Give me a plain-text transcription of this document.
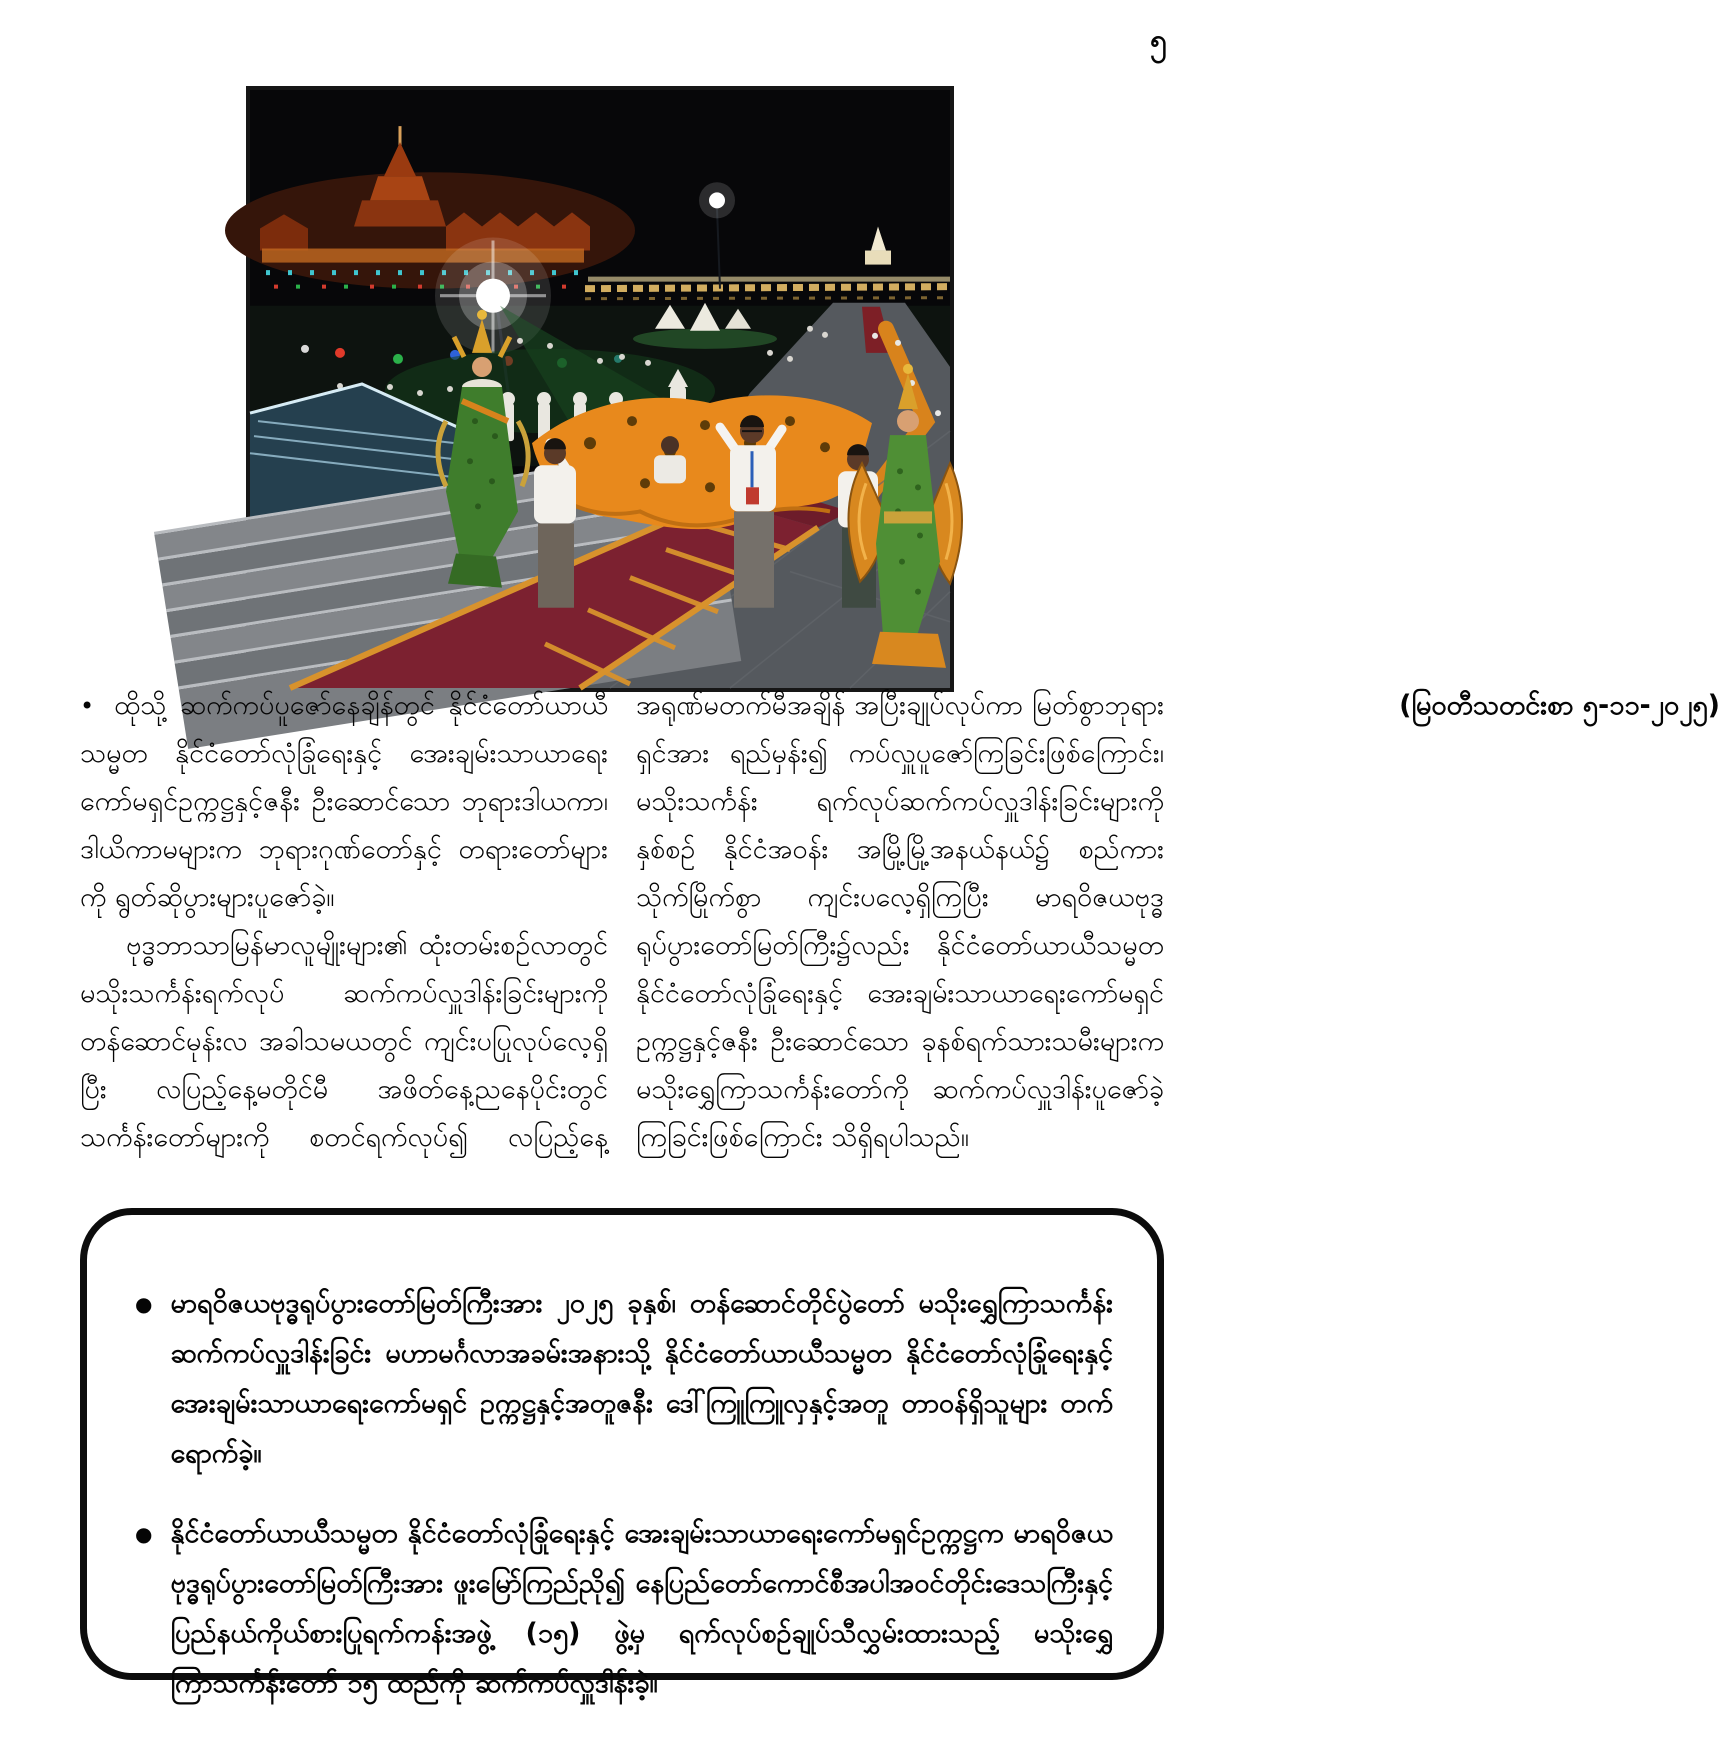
၅

• ထိုသို့ ဆက်ကပ်ပူဇော်နေချိန်တွင် နိုင်ငံတော်ယာယီသမ္မတ နိုင်ငံတော်လုံခြုံရေးနှင့် အေးချမ်းသာယာရေးကော်မရှင်ဥက္ကဋ္ဌနှင့်ဇနီး ဦးဆောင်သော ဘုရားဒါယကာ၊ ဒါယိကာမများက ဘုရားဂုဏ်တော်နှင့် တရားတော်များကို ရွတ်ဆိုပွားများပူဇော်ခဲ့။

ဗုဒ္ဓဘာသာမြန်မာလူမျိုးများ၏ ထုံးတမ်းစဉ်လာတွင် မသိုးသင်္ကန်းရက်လုပ် ဆက်ကပ်လှူဒါန်းခြင်းများကို တန်ဆောင်မုန်းလ အခါသမယတွင် ကျင်းပပြုလုပ်လေ့ရှိပြီး လပြည့်နေ့မတိုင်မီ အဖိတ်နေ့ညနေပိုင်းတွင် သင်္ကန်းတော်များကို စတင်ရက်လုပ်၍ လပြည့်နေ့ အရုဏ်မတက်မီအချိန် အပြီးချုပ်လုပ်ကာ မြတ်စွာဘုရားရှင်အား ရည်မှန်း၍ ကပ်လှူပူဇော်ကြခြင်းဖြစ်ကြောင်း၊ မသိုးသင်္ကန်း ရက်လုပ်ဆက်ကပ်လှူဒါန်းခြင်းများကို နှစ်စဉ် နိုင်ငံအဝန်း အမြို့မြို့အနယ်နယ်၌ စည်ကားသိုက်မြိုက်စွာ ကျင်းပလေ့ရှိကြပြီး မာရဝိဇယဗုဒ္ဓရုပ်ပွားတော်မြတ်ကြီး၌လည်း နိုင်ငံတော်ယာယီသမ္မတ နိုင်ငံတော်လုံခြုံရေးနှင့် အေးချမ်းသာယာရေးကော်မရှင် ဥက္ကဋ္ဌနှင့်ဇနီး ဦးဆောင်သော ခုနစ်ရက်သားသမီးများက မသိုးရွှေကြာသင်္ကန်းတော်ကို ဆက်ကပ်လှူဒါန်းပူဇော်ခဲ့ကြခြင်းဖြစ်ကြောင်း သိရှိရပါသည်။

(မြဝတီသတင်းစာ ၅-၁၁-၂၀၂၅)

● မာရဝိဇယဗုဒ္ဓရုပ်ပွားတော်မြတ်ကြီးအား ၂၀၂၅ ခုနှစ်၊ တန်ဆောင်တိုင်ပွဲတော် မသိုးရွှေကြာသင်္ကန်း ဆက်ကပ်လှူဒါန်းခြင်း မဟာမင်္ဂလာအခမ်းအနားသို့ နိုင်ငံတော်ယာယီသမ္မတ နိုင်ငံတော်လုံခြုံရေးနှင့် အေးချမ်းသာယာရေးကော်မရှင် ဥက္ကဋ္ဌနှင့်အတူဇနီး ဒေါ်ကြူကြူလှနှင့်အတူ တာဝန်ရှိသူများ တက်ရောက်ခဲ့။

● နိုင်ငံတော်ယာယီသမ္မတ နိုင်ငံတော်လုံခြုံရေးနှင့် အေးချမ်းသာယာရေးကော်မရှင်ဥက္ကဋ္ဌက မာရဝိဇယဗုဒ္ဓရုပ်ပွားတော်မြတ်ကြီးအား ဖူးမြော်ကြည်ညို၍ နေပြည်တော်ကောင်စီအပါအဝင်တိုင်းဒေသကြီးနှင့် ပြည်နယ်ကိုယ်စားပြုရက်ကန်းအဖွဲ့ (၁၅) ဖွဲ့မှ ရက်လုပ်စဉ်ချုပ်သီလွှမ်းထားသည့် မသိုးရွှေကြာသင်္ကန်းတော် ၁၅ ထည်ကို ဆက်ကပ်လှူဒါန်းခဲ့။
